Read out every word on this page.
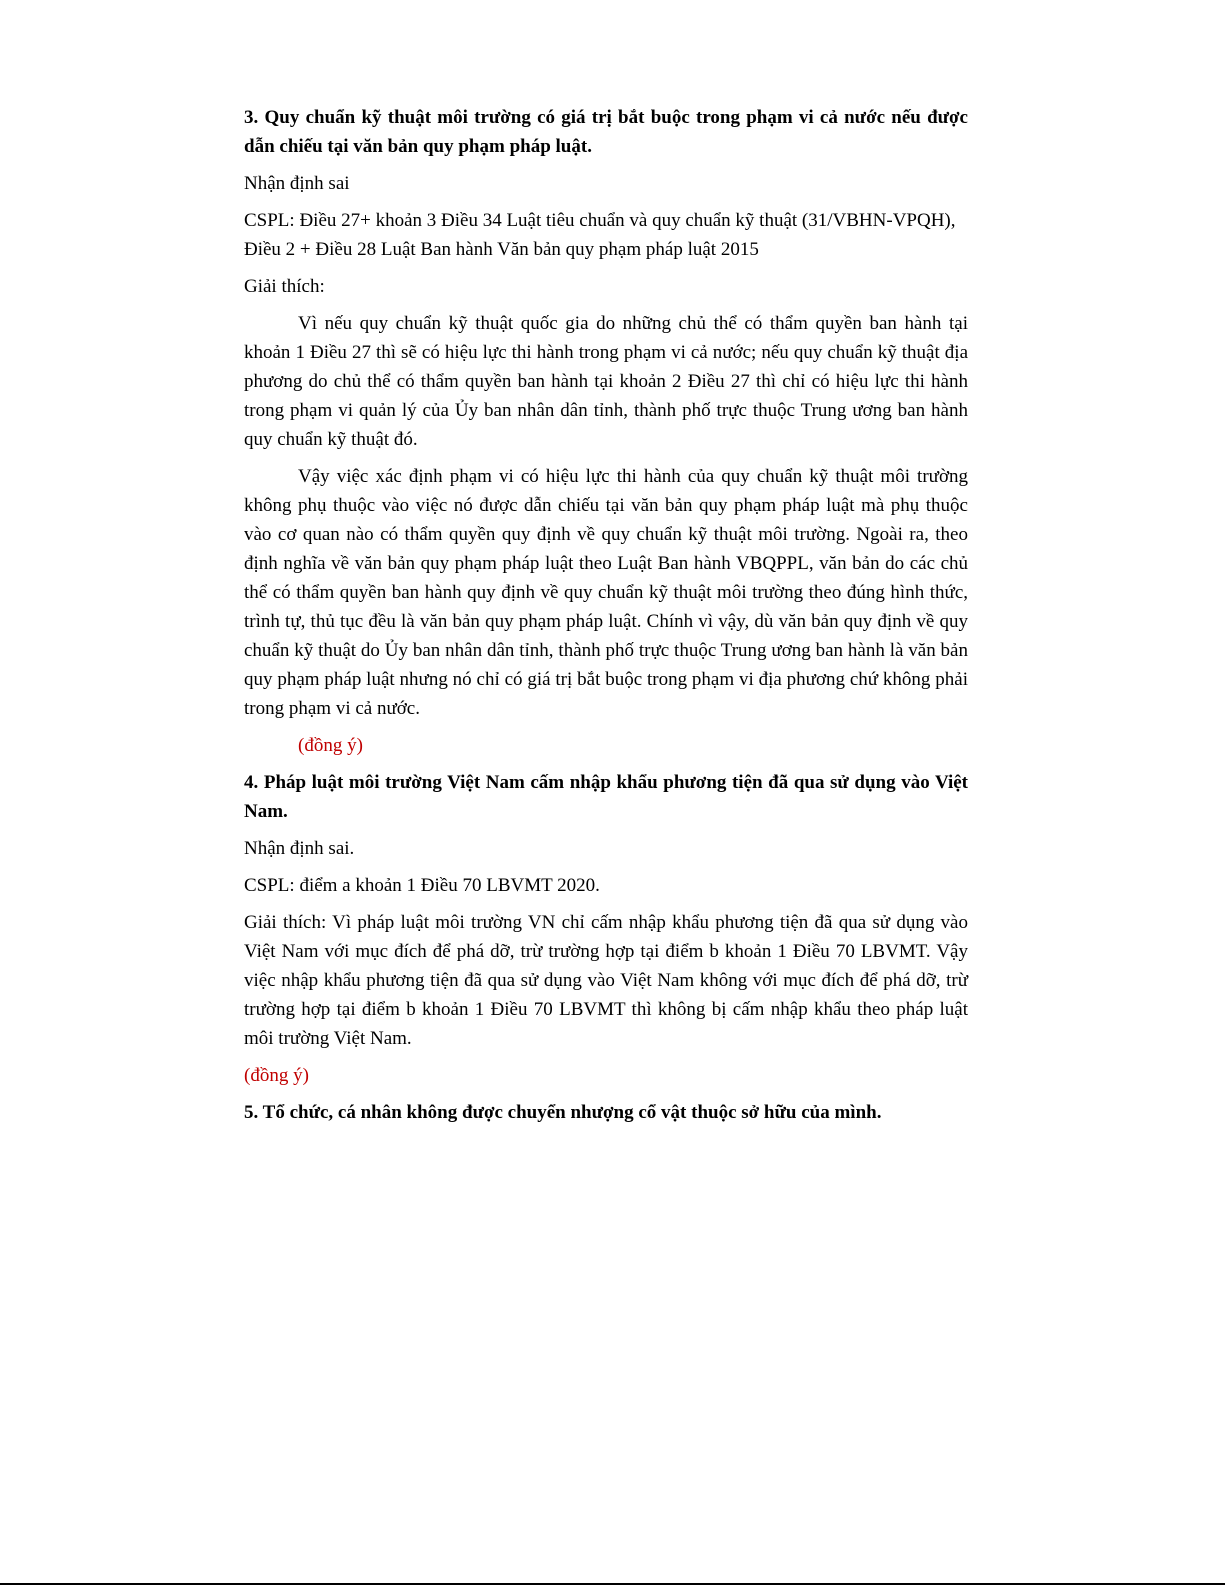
3. Quy chuẩn kỹ thuật môi trường có giá trị bắt buộc trong phạm vi cả nước nếu được dẫn chiếu tại văn bản quy phạm pháp luật.
Nhận định sai
CSPL: Điều 27+ khoản 3 Điều 34 Luật tiêu chuẩn và quy chuẩn kỹ thuật (31/VBHN-VPQH),
Điều 2 + Điều 28 Luật Ban hành Văn bản quy phạm pháp luật 2015
Giải thích:
Vì nếu quy chuẩn kỹ thuật quốc gia do những chủ thể có thẩm quyền ban hành tại khoản 1 Điều 27 thì sẽ có hiệu lực thi hành trong phạm vi cả nước; nếu quy chuẩn kỹ thuật địa phương do chủ thể có thẩm quyền ban hành tại khoản 2 Điều 27 thì chỉ có hiệu lực thi hành trong phạm vi quản lý của Ủy ban nhân dân tỉnh, thành phố trực thuộc Trung ương ban hành quy chuẩn kỹ thuật đó.
Vậy việc xác định phạm vi có hiệu lực thi hành của quy chuẩn kỹ thuật môi trường không phụ thuộc vào việc nó được dẫn chiếu tại văn bản quy phạm pháp luật mà phụ thuộc vào cơ quan nào có thẩm quyền quy định về quy chuẩn kỹ thuật môi trường. Ngoài ra, theo định nghĩa về văn bản quy phạm pháp luật theo Luật Ban hành VBQPPL, văn bản do các chủ thể có thẩm quyền ban hành quy định về quy chuẩn kỹ thuật môi trường theo đúng hình thức, trình tự, thủ tục đều là văn bản quy phạm pháp luật. Chính vì vậy, dù văn bản quy định về quy chuẩn kỹ thuật do Ủy ban nhân dân tỉnh, thành phố trực thuộc Trung ương ban hành là văn bản quy phạm pháp luật nhưng nó chỉ có giá trị bắt buộc trong phạm vi địa phương chứ không phải trong phạm vi cả nước.
(đồng ý)
4. Pháp luật môi trường Việt Nam cấm nhập khẩu phương tiện đã qua sử dụng vào Việt Nam.
Nhận định sai.
CSPL: điểm a khoản 1 Điều 70 LBVMT 2020.
Giải thích: Vì pháp luật môi trường VN chỉ cấm nhập khẩu phương tiện đã qua sử dụng vào Việt Nam với mục đích để phá dỡ, trừ trường hợp tại điểm b khoản 1 Điều 70 LBVMT. Vậy việc nhập khẩu phương tiện đã qua sử dụng vào Việt Nam không với mục đích để phá dỡ, trừ trường hợp tại điểm b khoản 1 Điều 70 LBVMT thì không bị cấm nhập khẩu theo pháp luật môi trường Việt Nam.
(đồng ý)
5. Tổ chức, cá nhân không được chuyển nhượng cổ vật thuộc sở hữu của mình.
